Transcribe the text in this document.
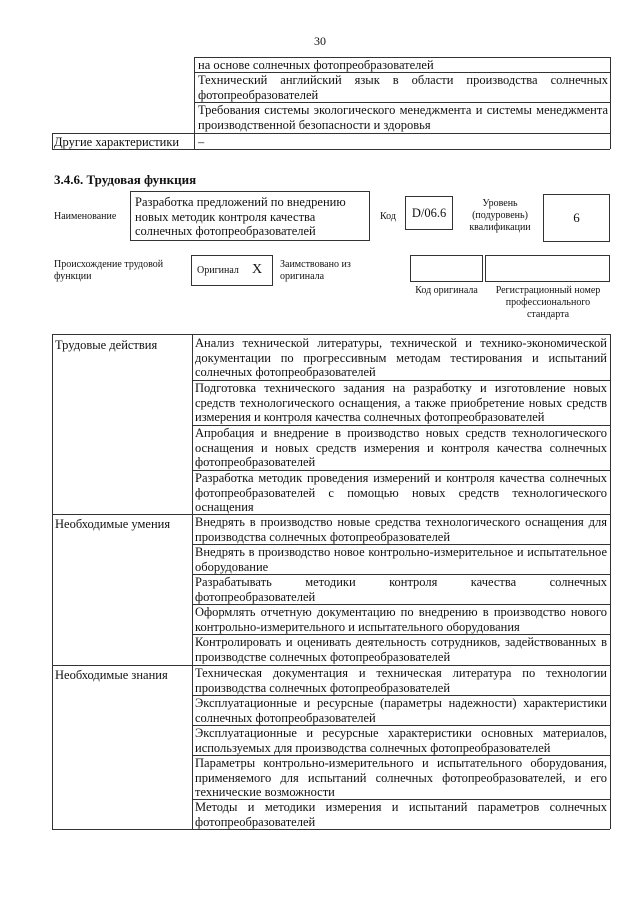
30
на основе солнечных фотопреобразователей
Технический английский язык в области производства солнечных фотопреобразователей
Требования системы экологического менеджмента и системы менеджмента производственной безопасности и здоровья
Другие характеристики –
3.4.6. Трудовая функция
Наименование
Разработка предложений по внедрению новых методик контроля качества солнечных фотопреобразователей
Код	D/06.6
Уровень (подуровень) квалификации
6
Происхождение трудовой функции
Оригинал X Заимствовано из оригинала
Код оригинала	Регистрационный номер профессионального стандарта
Трудовые действия	Анализ технической литературы, технической и технико-экономической документации по прогрессивным методам тестирования и испытаний солнечных фотопреобразователей
Подготовка технического задания на разработку и изготовление новых средств технологического оснащения, а также приобретение новых средств измерения и контроля качества солнечных фотопреобразователей
Апробация и внедрение в производство новых средств технологического оснащения и новых средств измерения и контроля качества солнечных фотопреобразователей
Разработка методик проведения измерений и контроля качества солнечных фотопреобразователей с помощью новых средств технологического оснащения
Необходимые умения Внедрять в производство новые средства технологического оснащения для производства солнечных фотопреобразователей
Внедрять в производство новое контрольно-измерительное и испытательное оборудование
Разрабатывать методики контроля качества солнечных фотопреобразователей
Оформлять отчетную документацию по внедрению в производство нового контрольно-измерительного и испытательного оборудования
Контролировать и оценивать деятельность сотрудников, задействованных в производстве солнечных фотопреобразователей
Необходимые знания Техническая документация и техническая литература по технологии производства солнечных фотопреобразователей
Эксплуатационные и ресурсные (параметры надежности) характеристики солнечных фотопреобразователей
Эксплуатационные и ресурсные характеристики основных материалов, используемых для производства солнечных фотопреобразователей
Параметры контрольно-измерительного и испытательного оборудования, применяемого для испытаний солнечных фотопреобразователей, и его технические возможности
Методы и методики измерения и испытаний параметров солнечных фотопреобразователей
